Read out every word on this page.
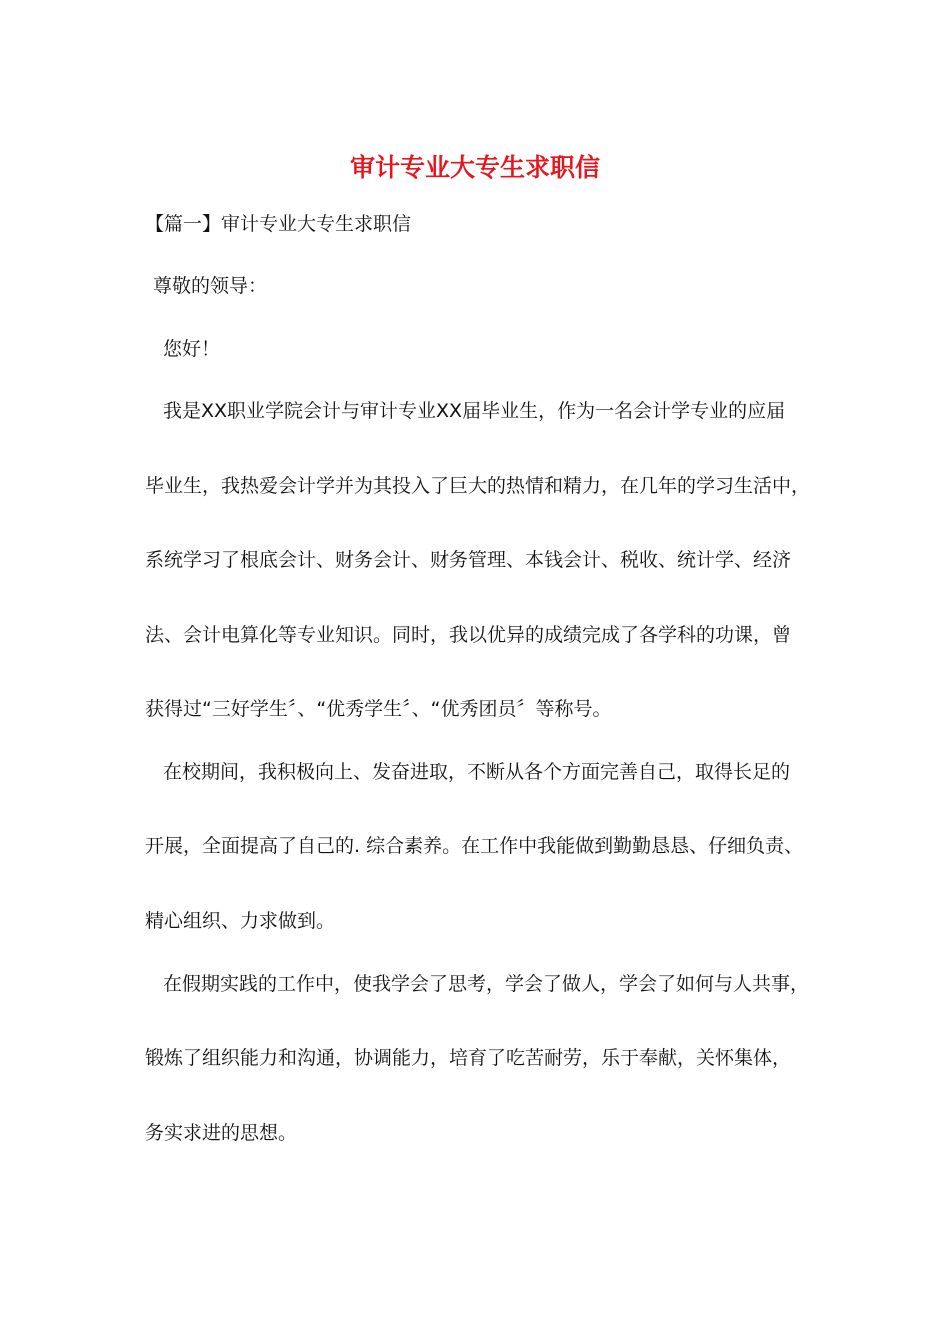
审计专业大专生求职信
【篇一】审计专业大专生求职信
尊敬的领导：
您好！
我是XX职业学院会计与审计专业XX届毕业生，作为一名会计学专业的应届
毕业生，我热爱会计学并为其投入了巨大的热情和精力，在几年的学习生活中，
系统学习了根底会计、财务会计、财务管理、本钱会计、税收、统计学、经济
法、会计电算化等专业知识。同时，我以优异的成绩完成了各学科的功课，曾
获得过“三好学生〞、“优秀学生〞、“优秀团员〞等称号。
在校期间，我积极向上、发奋进取，不断从各个方面完善自己，取得长足的
开展，全面提高了自己的. 综合素养。在工作中我能做到勤勤恳恳、仔细负责、
精心组织、力求做到。
在假期实践的工作中，使我学会了思考，学会了做人，学会了如何与人共事，
锻炼了组织能力和沟通，协调能力，培育了吃苦耐劳，乐于奉献，关怀集体，
务实求进的思想。
